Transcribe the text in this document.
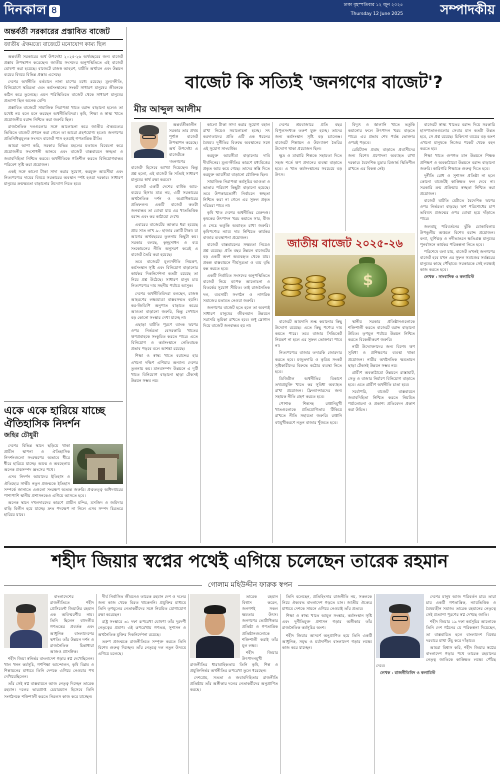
দিনকাল ৪	ঢাকা বৃহস্পতিবার ১২ জুন ২০২৫
Thursday 12 June 2025	সম্পাদকীয়
অন্তর্বর্তী সরকারের প্রস্তাবিত বাজেট
জাতীয় ঐকমত্যে বাজেটে মনোযোগ কাম্য ছিল

অন্তর্বর্তী সরকারের অর্থ উপদেষ্টা ২০২৫-২৬ অর্থবছরের জন্য বাজেট প্রস্তাব উপস্থাপন করেছেন। জাতীয় সংসদের অনুপস্থিতিতে এই বাজেট ঘোষণা করা হয়েছে। বাজেটে রাজস্ব আহরণ, ঘাটতি অর্থায়ন এবং উন্নয়ন ব্যয়ের বিষয়ে বিভিন্ন প্রস্তাব এসেছে।

দেশের অর্থনীতি বর্তমানে নানা চাপের মধ্যে রয়েছে। মূল্যস্ফীতি, বিনিয়োগে স্থবিরতা এবং কর্মসংস্থানের সংকট সাধারণ মানুষের জীবনকে কঠিন করে তুলেছে। এমন পরিস্থিতিতে বাজেট থেকে সাধারণ মানুষের প্রত্যাশা ছিল অনেক বেশি।

প্রস্তাবিত বাজেটে সামাজিক নিরাপত্তা খাতে বরাদ্দ বাড়ানো হলেও তা যথেষ্ট নয় বলে মনে করছেন অর্থনীতিবিদরা। কৃষি, শিক্ষা ও স্বাস্থ্য খাতে প্রয়োজনীয় বরাদ্দ নিশ্চিত করা জরুরি ছিল।

রাজনৈতিক দলগুলোর সঙ্গে আলোচনা করে জাতীয় ঐকমত্যের ভিত্তিতে বাজেট প্রণয়ন করা গেলে তা আরো গ্রহণযোগ্য হতো। জনগণের প্রতিনিধিত্বমূলক সংসদে বাজেট পাস হওয়াই গণতান্ত্রিক রীতি।

আমরা আশা করি, সরকার বিভিন্ন মহলের মতামত বিবেচনা করে প্রয়োজনীয় সংশোধনী আনবে এবং বাজেট বাস্তবায়নে স্বচ্ছতা ও জবাবদিহিতা নিশ্চিত করবে। অর্থনীতিকে গতিশীল করতে বিনিয়োগবান্ধব পরিবেশ সৃষ্টি করা প্রয়োজন।

একই সঙ্গে কালো টাকা সাদা করার সুযোগ, করমুক্ত আয়সীমা এবং নিত্যপণ্যের দামের বিষয়ে সরকারের অবস্থান স্পষ্ট হওয়া দরকার। সাধারণ মানুষের ক্রয়ক্ষমতা বাড়ানোর উদ্যোগ নিতে হবে।

একে একে হারিয়ে যাচ্ছে ঐতিহাসিক নিদর্শন
জহির চৌধুরী

দেশের বিভিন্ন স্থানে ছড়িয়ে থাকা প্রাচীন স্থাপনা ও ঐতিহাসিক নিদর্শনগুলো সংরক্ষণের অভাবে ধীরে ধীরে হারিয়ে যাচ্ছে। অযত্ন ও অবহেলায় অনেক প্রত্নসম্পদ ধ্বংসের পথে।

এসব নিদর্শন আমাদের ইতিহাস ও ঐতিহ্যের সাক্ষী। নতুন প্রজন্মকে ইতিহাস সম্পর্কে জানাতে এগুলো সংরক্ষণ অত্যন্ত জরুরি। প্রত্নতত্ত্ব অধিদপ্তরের পাশাপাশি স্থানীয় প্রশাসনকেও এগিয়ে আসতে হবে।

অনেক স্থানে দখলদারদের কারণে প্রাচীন মন্দির, মসজিদ ও জমিদার বাড়ি বিলীন হয়ে যাচ্ছে। দ্রুত পদক্ষেপ না নিলে এসব সম্পদ চিরতরে হারিয়ে যাবে।

বাজেট কি সত্যিই 'জনগণের বাজেট'?
মীর আব্দুল আলীম

অন্তর্বর্তীকালীন সরকার তার প্রথম পূর্ণাঙ্গ বাজেট উপস্থাপন করেছে। অর্থ উপদেষ্টা এ বাজেটকে 'জনগণের বাজেট' হিসেবে আখ্যা দিয়েছেন। কিন্তু প্রশ্ন হলো, এই বাজেট কি সত্যিই সাধারণ মানুষের স্বার্থ রক্ষা করবে?

বাজেট একটি দেশের বার্ষিক আয়-ব্যয়ের হিসাব মাত্র নয়, এটি সরকারের অর্থনৈতিক দর্শন ও অগ্রাধিকারের প্রতিফলন। একটি বাজেট কতটা জনবান্ধব তা বোঝা যায় এর খাতভিত্তিক বরাদ্দ এবং কর কাঠামো দেখে।

এবারের বাজেটের আকার ধরা হয়েছে প্রায় সাত লাখ ৯০ হাজার কোটি টাকা। যা আগের অর্থবছরের তুলনায় কিছুটা কম। সরকার বলছে, কৃচ্ছ্রসাধন ও ব্যয় সংকোচনের নীতি অনুসরণ করেই এ বাজেট তৈরি করা হয়েছে।

তবে বাজেটে মূল্যস্ফীতি নিয়ন্ত্রণ, কর্মসংস্থান সৃষ্টি এবং বিনিয়োগ বাড়ানোর কার্যকর দিকনির্দেশনা কতটা রয়েছে তা নিয়ে প্রশ্ন উঠেছে। সাধারণ মানুষ চায় নিত্যপণ্যের দাম সহনীয় পর্যায়ে আসুক।

দেশের অর্থনীতিবিদরা বলছেন, রাজস্ব আহরণের লক্ষ্যমাত্রা বাস্তবসম্মত হয়নি। কর-জিডিপি অনুপাত বাড়াতে করের আওতা বাড়ানো জরুরি, কিন্তু সেখানে বড় কোনো সংস্কার দেখা যাচ্ছে না।

এছাড়া ঘাটতি পূরণে ব্যাংক ঋণের ওপর নির্ভরতা বেসরকারি খাতের ঋণপ্রবাহকে সংকুচিত করতে পারে। এতে বিনিয়োগ ও কর্মসংস্থানে নেতিবাচক প্রভাব পড়বে বলে আশঙ্কা রয়েছে।

শিক্ষা ও স্বাস্থ্য খাতে বরাদ্দের হার এখনো দক্ষিণ এশিয়ার অন্যান্য দেশের তুলনায় কম। মানবসম্পদ উন্নয়নে এ দুটি খাতে বিনিয়োগ বাড়ানো ছাড়া টেকসই উন্নয়ন সম্ভব নয়।

কালো টাকা সাদা করার সুযোগ বহাল রাখা নিয়েও সমালোচনা হচ্ছে। সৎ করদাতাদের প্রতি এটি এক ধরনের বৈষম্য। দুর্নীতির বিরুদ্ধে অবস্থানের সঙ্গে এই সুযোগ সাংঘর্ষিক।

করমুক্ত আয়সীমা বাড়ানোর দাবি দীর্ঘদিনের। মূল্যস্ফীতির কারণে মধ্যবিত্তের প্রকৃত আয় কমে গেছে। তাদের স্বস্তি দিতে করমুক্ত আয়সীমা বাড়ানো যৌক্তিক ছিল।

সামাজিক নিরাপত্তা কর্মসূচির আওতা ও ভাতার পরিমাণ কিছুটা বাড়ানো হয়েছে। তবে উপকারভোগী নির্বাচনে স্বচ্ছতা নিশ্চিত করা না গেলে এর সুফল প্রকৃত দরিদ্ররা পাবে না।

কৃষি খাত দেশের অর্থনীতির মেরুদণ্ড। কৃষকের উৎপাদন খরচ কমাতে সার, বীজ ও সেচে ভর্তুকি অব্যাহত রাখা জরুরি। কৃষিপণ্যের ন্যায্য দাম নিশ্চিতে কার্যকর বাজার ব্যবস্থাপনা প্রয়োজন।

বাজেট বাস্তবায়নের সক্ষমতা নিয়েও প্রশ্ন রয়েছে। প্রতি বছর উন্নয়ন বাজেটের বড় একটি অংশ অব্যবহৃত থেকে যায়। প্রকল্প বাস্তবায়নে দীর্ঘসূত্রতা ও ব্যয় বৃদ্ধি বন্ধ করতে হবে।

একটি নির্বাচিত সংসদের অনুপস্থিতিতে বাজেট নিয়ে ব্যাপক আলোচনা ও বিতর্কের সুযোগ সীমিত। তাই রাজনৈতিক দল, ব্যবসায়ী সংগঠন ও নাগরিক সমাজের মতামত নেওয়া জরুরি।

জনগণের বাজেট হতে হলে তা অবশ্যই সাধারণ মানুষের জীবনমান উন্নয়নে সরাসরি ভূমিকা রাখতে হবে। শুধু স্লোগান দিয়ে বাজেট জনবান্ধব হয় না।

দেশের শ্রমবাজারে প্রতি বছর বিপুলসংখ্যক তরুণ যুক্ত হচ্ছে। তাদের জন্য কর্মসংস্থান সৃষ্টি বড় চ্যালেঞ্জ। বাজেটে শিল্পায়ন ও উদ্যোক্তা তৈরির উদ্যোগ থাকা প্রয়োজন ছিল।

ক্ষুদ্র ও মাঝারি শিল্পকে সহায়তা দিতে সহজ শর্তে ঋণ প্রদানের ব্যবস্থা বাড়াতে হবে। এ খাত কর্মসংস্থানের সবচেয়ে বড় উৎস।

বিদ্যুৎ ও জ্বালানি খাতে ভর্তুকি কমানোর ফলে উৎপাদন খরচ বাড়তে পারে। এর প্রভাব শেষ পর্যন্ত ভোক্তার ওপরই পড়বে।

রেমিট্যান্স প্রবাহ বাড়াতে প্রবাসীদের জন্য বিশেষ প্রণোদনা অব্যাহত রাখা দরকার। বৈদেশিক মুদ্রার রিজার্ভ স্থিতিশীল রাখতে এর বিকল্প নেই।

বাজেটে স্বাস্থ্য খাতের বরাদ্দ দিয়ে সরকারি হাসপাতালগুলোর সেবার মান কতটা উন্নত হবে, সে প্রশ্ন রয়েছে। চিকিৎসা ব্যয়ের বড় অংশ এখনো মানুষকে নিজের পকেট থেকে বহন করতে হয়।

শিক্ষা খাতে গুণগত মান উন্নয়নে শিক্ষক প্রশিক্ষণ ও অবকাঠামো উন্নয়নে বরাদ্দ বাড়ানো জরুরি। কারিগরি শিক্ষাকে গুরুত্ব দিতে হবে।

দুর্নীতি রোধ ও সুশাসন প্রতিষ্ঠা না হলে কোনো বাজেটই কাঙ্ক্ষিত ফল দেবে না। সরকারি ক্রয় প্রক্রিয়ায় স্বচ্ছতা নিশ্চিত করা প্রয়োজন।

বাজেট ঘাটতি মেটাতে বৈদেশিক ঋণের ওপর নির্ভরতা বাড়ছে। ঋণ পরিশোধের চাপ ভবিষ্যৎ প্রজন্মের ওপর বোঝা হয়ে দাঁড়াতে পারে।

জলবায়ু পরিবর্তনের ঝুঁকি মোকাবিলায় উপকূলীয় অঞ্চলে বিশেষ বরাদ্দ প্রয়োজন। বন্যা, ঘূর্ণিঝড় ও নদীভাঙনে ক্ষতিগ্রস্ত মানুষের পুনর্বাসনে কার্যকর পরিকল্পনা নিতে হবে।

পরিশেষে বলা যায়, বাজেট তখনই জনগণের বাজেট হবে যখন এর সুফল সমাজের সর্বস্তরের মানুষের কাছে পৌঁছাবে। সরকারকে সেই লক্ষ্যেই কাজ করতে হবে।

লেখক : সাংবাদিক ও কলামিস্ট

জাতীয় বাজেট ২০২৫-২৬
$

বাজেটে আমদানি শুল্ক কমানোর কিছু উদ্যোগ রয়েছে। এতে কিছু পণ্যের দাম কমতে পারে। তবে বাজার সিন্ডিকেট নিয়ন্ত্রণ না হলে এর সুফল ভোক্তারা পাবে না।

নিত্যপণ্যের বাজার তদারকি জোরদার করতে হবে। মজুতদারি ও কৃত্রিম সংকট সৃষ্টিকারীদের বিরুদ্ধে কঠোর ব্যবস্থা নিতে হবে।

ডিজিটাল অর্থনীতির বিকাশে তথ্যপ্রযুক্তি খাতে কর সুবিধা অব্যাহত রাখা প্রয়োজন। ফ্রিল্যান্সারদের জন্য সহায়ক নীতি গ্রহণ করতে হবে।

পোশাক শিল্পসহ রপ্তানিমুখী খাতগুলোকে প্রতিযোগিতায় টিকিয়ে রাখতে নীতি সহায়তা জরুরি। রপ্তানি বহুমুখীকরণে নতুন বাজার খুঁজতে হবে।

স্থানীয় সরকার প্রতিষ্ঠানগুলোকে শক্তিশালী করতে বাজেটে বরাদ্দ বাড়ানো উচিত। তৃণমূল পর্যায়ে উন্নয়ন নিশ্চিত করতে বিকেন্দ্রীকরণ জরুরি।

নারী উদ্যোক্তাদের জন্য বিশেষ ঋণ সুবিধা ও প্রশিক্ষণের ব্যবস্থা থাকা প্রয়োজন। নারীর অর্থনৈতিক ক্ষমতায়ন ছাড়া টেকসই উন্নয়ন সম্ভব নয়।

গ্রামীণ অবকাঠামো উন্নয়নে রাস্তাঘাট, সেতু ও বাজার নির্মাণে বিনিয়োগ বাড়াতে হবে। এতে গ্রামীণ অর্থনীতি চাঙা হবে।

সর্বোপরি, বাজেট বাস্তবায়নে জবাবদিহিতা নিশ্চিত করতে নিয়মিত পর্যালোচনা ও প্রকাশ্য প্রতিবেদন প্রকাশ করা উচিত।

শহীদ জিয়ার স্বপ্নের পথেই এগিয়ে চলেছেন তারেক রহমান
গোলাম মহিউদ্দীন ফারুক স্বপন

বাংলাদেশের রাজনীতিতে শহীদ প্রেসিডেন্ট জিয়াউর রহমান এক অবিস্মরণীয় নাম। তিনি ছিলেন বহুদলীয় গণতন্ত্রের প্রবর্তক এবং আধুনিক বাংলাদেশের স্থপতি। তাঁর উন্নয়ন দর্শন ও রাজনৈতিক চিন্তাধারা আজও প্রাসঙ্গিক।

শহীদ জিয়া স্বনির্ভর বাংলাদেশ গড়ার স্বপ্ন দেখেছিলেন। খাল খনন কর্মসূচি, গণশিক্ষা আন্দোলন, কৃষি বিপ্লব ও শিল্পায়নের মাধ্যমে তিনি দেশকে এগিয়ে নেওয়ার পথ দেখিয়েছিলেন।

তাঁর সেই স্বপ্ন বাস্তবায়নে আজ নেতৃত্ব দিচ্ছেন তারেক রহমান। দলের ভারপ্রাপ্ত চেয়ারম্যান হিসেবে তিনি সংগঠনকে শক্তিশালী করতে নিরলস কাজ করে যাচ্ছেন।

দীর্ঘ নির্বাসিত জীবনেও তারেক রহমান দেশ ও দলের জন্য কাজ থেকে বিরত থাকেননি। প্রযুক্তির মাধ্যমে তিনি তৃণমূলের নেতাকর্মীদের সঙ্গে নিয়মিত যোগাযোগ রক্ষা করেছেন।

রাষ্ট্র সংস্কারে ৩১ দফা রূপরেখা ঘোষণা তাঁর দূরদর্শী নেতৃত্বের প্রমাণ। এই রূপরেখায় গণতন্ত্র, সুশাসন ও অর্থনৈতিক মুক্তির দিকনির্দেশনা রয়েছে।

তরুণ প্রজন্মকে রাজনীতিতে সম্পৃক্ত করতে তিনি বিশেষ গুরুত্ব দিচ্ছেন। তাঁর নেতৃত্বে দল নতুন উদ্যমে এগিয়ে চলেছে।

তারেক রহমান বিশ্বাস করেন, জনগণই সকল ক্ষমতার উৎস। জনগণের ভোটাধিকার প্রতিষ্ঠা ও গণতান্ত্রিক প্রতিষ্ঠানগুলোকে শক্তিশালী করাই তাঁর মূল লক্ষ্য।

শহীদ জিয়ার উৎপাদনমুখী রাজনীতির ধারাবাহিকতায় তিনি কৃষি, শিল্প ও প্রযুক্তিনির্ভর অর্থনীতির রূপরেখা তুলে ধরেছেন।

দেশপ্রেম, সততা ও জবাবদিহিতার রাজনীতি প্রতিষ্ঠায় তাঁর অঙ্গীকার দলের নেতাকর্মীদের অনুপ্রাণিত করছে।

তিনি বলেছেন, প্রতিহিংসার রাজনীতি নয়, সকলকে নিয়ে ঐক্যবদ্ধ বাংলাদেশ গড়তে চান। জাতীয় ঐক্যের মাধ্যমে দেশকে সামনে এগিয়ে নেওয়াই তাঁর প্রত্যয়।

শিক্ষা ও স্বাস্থ্য খাতে আমূল সংস্কার, কর্মসংস্থান সৃষ্টি এবং দুর্নীতিমুক্ত প্রশাসন গড়ার অঙ্গীকার তাঁর রাজনৈতিক কর্মসূচির অংশ।

শহীদ জিয়ার আদর্শে অনুপ্রাণিত হয়ে তিনি একটি আধুনিক, সমৃদ্ধ ও মর্যাদাশীল বাংলাদেশ গড়ার লক্ষ্যে কাজ করে যাচ্ছেন।

দেশের মানুষ আজ পরিবর্তন চায়। তারা চায় একটি গণতান্ত্রিক, ন্যায়ভিত্তিক ও বৈষম্যহীন সমাজ। তারেক রহমানের নেতৃত্বে সেই প্রত্যাশা পূরণের স্বপ্ন দেখছে জাতি।

শহীদ জিয়ার ১৯ দফা কর্মসূচির আলোকে তিনি দেশ গঠনের যে পরিকল্পনা দিয়েছেন, তা বাস্তবায়িত হলে বাংলাদেশ বিশ্বের দরবারে মাথা উঁচু করে দাঁড়াবে।

আমরা বিশ্বাস করি, শহীদ জিয়ার স্বপ্নের বাংলাদেশ গড়ার পথে তারেক রহমানের নেতৃত্ব জাতিকে কাঙ্ক্ষিত লক্ষ্যে পৌঁছে দেবে।

লেখক : রাজনীতিবিদ ও কলামিস্ট
